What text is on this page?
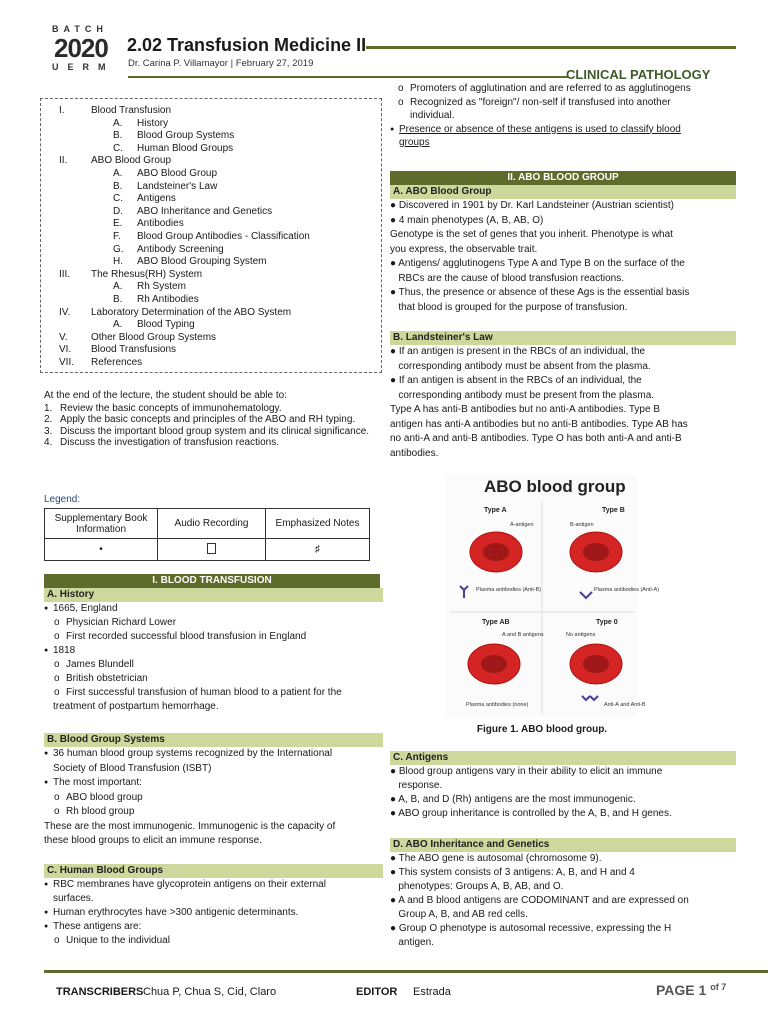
BATCH
2020
UERM
2.02 Transfusion Medicine II
Dr. Carina P. Villamayor | February 27, 2019
CLINICAL PATHOLOGY
I.	Blood Transfusion
A. History
B. Blood Group Systems
C. Human Blood Groups
II. ABO Blood Group
A. ABO Blood Group
B. Landsteiner's Law
C. Antigens
D. ABO Inheritance and Genetics
E. Antibodies
F. Blood Group Antibodies - Classification
G. Antibody Screening
H. ABO Blood Grouping System
III. The Rhesus(RH) System
A. Rh System
B. Rh Antibodies
IV. Laboratory Determination of the ABO System
A. Blood Typing
V. Other Blood Group Systems
VI. Blood Transfusions
VII. References
At the end of the lecture, the student should be able to:
1. Review the basic concepts of immunohematology.
2. Apply the basic concepts and principles of the ABO and RH typing.
3. Discuss the important blood group system and its clinical significance.
4. Discuss the investigation of transfusion reactions.
Legend:
Supplementary Book Information	Audio Recording	Emphasized Notes
•		♯
I. BLOOD TRANSFUSION
A. History
● 1665, England
o Physician Richard Lower
o First recorded successful blood transfusion in England
● 1818
o James Blundell
o British obstetrician
o First successful transfusion of human blood to a patient for the
treatment of postpartum hemorrhage.
B. Blood Group Systems
● 36 human blood group systems recognized by the International
Society of Blood Transfusion (ISBT)
● The most important:
o ABO blood group
o Rh blood group
These are the most immunogenic. Immunogenic is the capacity of
these blood groups to elicit an immune response.
C. Human Blood Groups
● RBC membranes have glycoprotein antigens on their external
surfaces.
● Human erythrocytes have >300 antigenic determinants.
● These antigens are:
o Unique to the individual
o Promoters of agglutination and are referred to as agglutinogens
o Recognized as "foreign"/ non-self if transfused into another
individual.
● Presence or absence of these antigens is used to classify blood
groups
II. ABO BLOOD GROUP
A. ABO Blood Group
● Discovered in 1901 by Dr. Karl Landsteiner (Austrian scientist)
● 4 main phenotypes (A, B, AB, O)
Genotype is the set of genes that you inherit. Phenotype is what
you express, the observable trait.
● Antigens/ agglutinogens Type A and Type B on the surface of the
RBCs are the cause of blood transfusion reactions.
● Thus, the presence or absence of these Ags is the essential basis
that blood is grouped for the purpose of transfusion.
B. Landsteiner's Law
● If an antigen is present in the RBCs of an individual, the
corresponding antibody must be absent from the plasma.
● If an antigen is absent in the RBCs of an individual, the
corresponding antibody must be present from the plasma.
Type A has anti-B antibodies but no anti-A antibodies. Type B
antigen has anti-A antibodies but no anti-B antibodies. Type AB has
no anti-A and anti-B antibodies. Type O has both anti-A and anti-B
antibodies.
ABO blood group
Type A
A-antigen
Plasma antibodies (Anti-B)
Type B
B-antigen
Plasma antibodies (Anti-A)
Type AB
A and B antigens
Plasma antibodies (none)
Type 0
No antigens
Anti-A and Anti-B
Figure 1. ABO blood group.
C. Antigens
● Blood group antigens vary in their ability to elicit an immune
response.
● A, B, and D (Rh) antigens are the most immunogenic.
● ABO group inheritance is controlled by the A, B, and H genes.
D. ABO Inheritance and Genetics
● The ABO gene is autosomal (chromosome 9).
● This system consists of 3 antigens: A, B, and H and 4
phenotypes: Groups A, B, AB, and O.
● A and B blood antigens are CODOMINANT and are expressed on
Group A, B, and AB red cells.
● Group O phenotype is autosomal recessive, expressing the H
antigen.
TRANSCRIBERS Chua P, Chua S, Cid, Claro	EDITOR Estrada	PAGE 1 $^{of 7}$
